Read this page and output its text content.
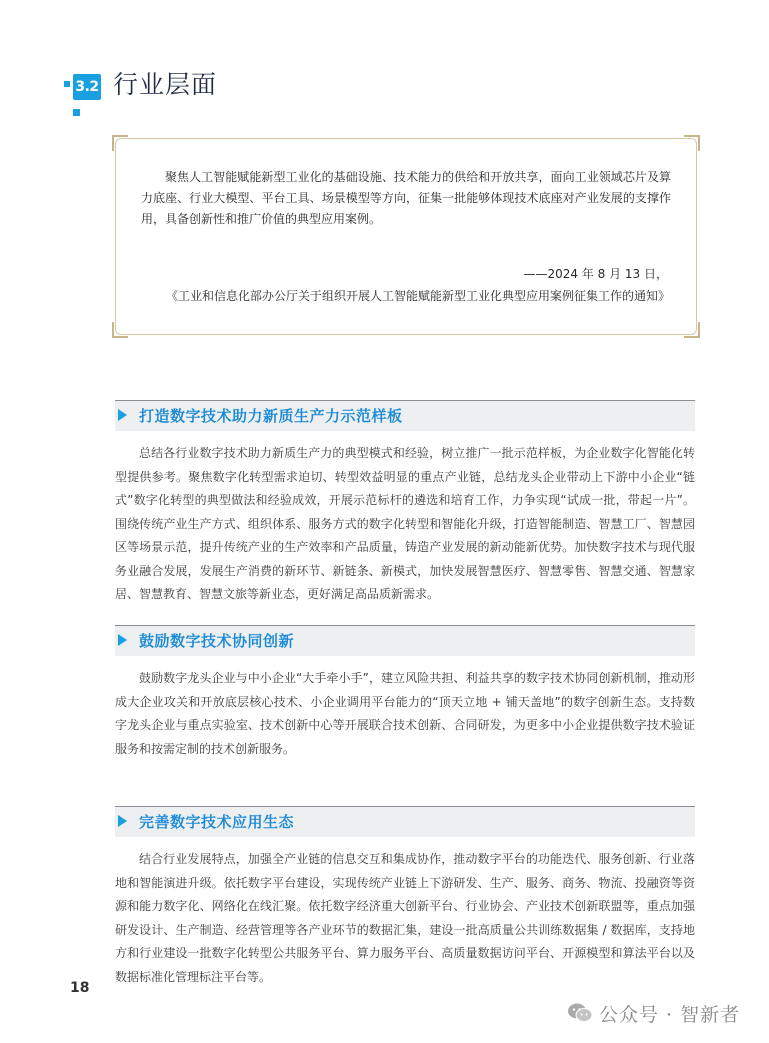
3.2 行业层面
聚焦人工智能赋能新型工业化的基础设施、技术能力的供给和开放共享，面向工业领域芯片及算力底座、行业大模型、平台工具、场景模型等方向，征集一批能够体现技术底座对产业发展的支撑作用，具备创新性和推广价值的典型应用案例。
——2024 年 8 月 13 日，
《工业和信息化部办公厅关于组织开展人工智能赋能新型工业化典型应用案例征集工作的通知》
打造数字技术助力新质生产力示范样板
总结各行业数字技术助力新质生产力的典型模式和经验，树立推广一批示范样板，为企业数字化智能化转型提供参考。聚焦数字化转型需求迫切、转型效益明显的重点产业链，总结龙头企业带动上下游中小企业“链式”数字化转型的典型做法和经验成效，开展示范标杆的遴选和培育工作，力争实现“试成一批，带起一片”。围绕传统产业生产方式、组织体系、服务方式的数字化转型和智能化升级，打造智能制造、智慧工厂、智慧园区等场景示范，提升传统产业的生产效率和产品质量，铸造产业发展的新动能新优势。加快数字技术与现代服务业融合发展，发展生产消费的新环节、新链条、新模式，加快发展智慧医疗、智慧零售、智慧交通、智慧家居、智慧教育、智慧文旅等新业态，更好满足高品质新需求。
鼓励数字技术协同创新
鼓励数字龙头企业与中小企业“大手牵小手”，建立风险共担、利益共享的数字技术协同创新机制，推动形成大企业攻关和开放底层核心技术、小企业调用平台能力的“顶天立地 + 铺天盖地”的数字创新生态。支持数字龙头企业与重点实验室、技术创新中心等开展联合技术创新、合同研发，为更多中小企业提供数字技术验证服务和按需定制的技术创新服务。
完善数字技术应用生态
结合行业发展特点，加强全产业链的信息交互和集成协作，推动数字平台的功能迭代、服务创新、行业落地和智能演进升级。依托数字平台建设，实现传统产业链上下游研发、生产、服务、商务、物流、投融资等资源和能力数字化、网络化在线汇聚。依托数字经济重大创新平台、行业协会、产业技术创新联盟等，重点加强研发设计、生产制造、经营管理等各产业环节的数据汇集，建设一批高质量公共训练数据集 / 数据库，支持地方和行业建设一批数字化转型公共服务平台、算力服务平台、高质量数据访问平台、开源模型和算法平台以及数据标准化管理标注平台等。
18
公众号 · 智新者
